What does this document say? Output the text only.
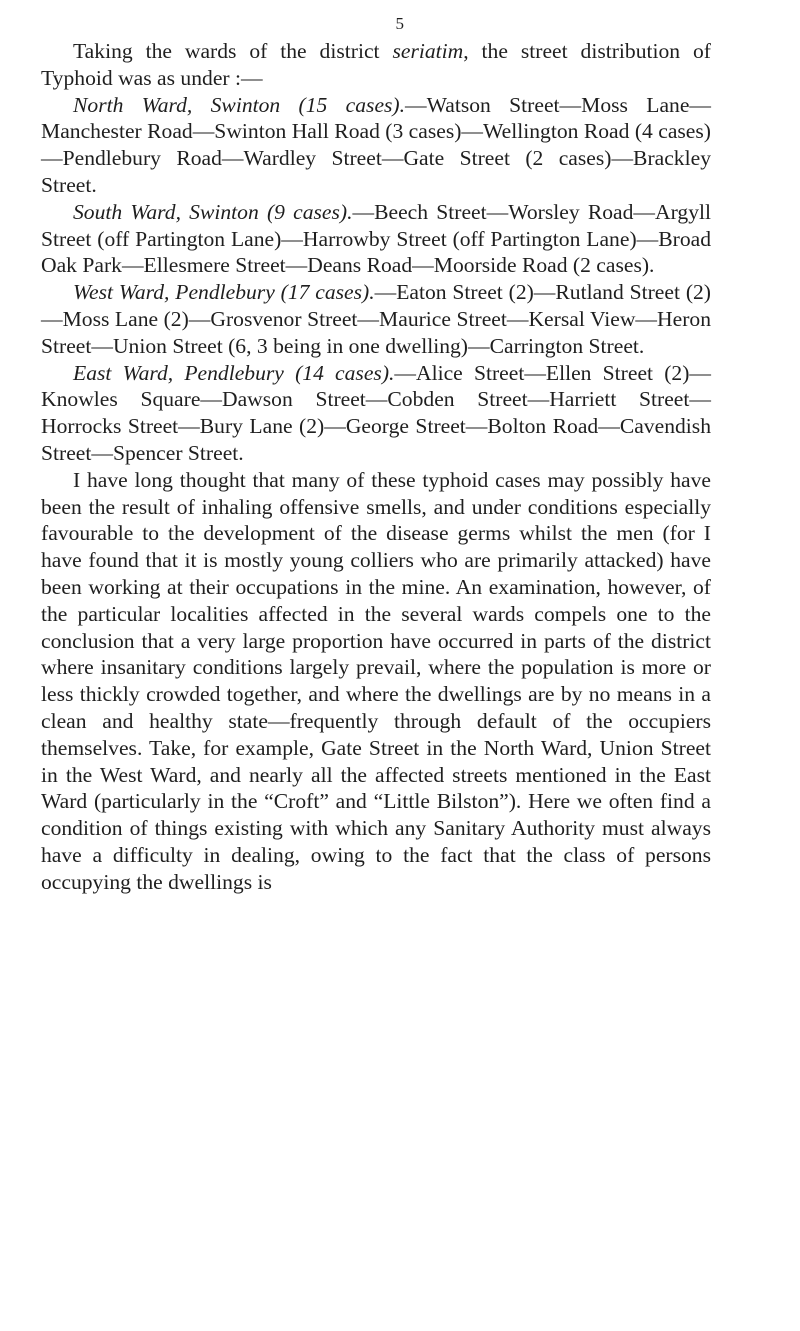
5

Taking the wards of the district seriatim, the street distribution of Typhoid was as under :—

North Ward, Swinton (15 cases).—Watson Street—Moss Lane—Manchester Road—Swinton Hall Road (3 cases)—Wellington Road (4 cases)—Pendlebury Road—Wardley Street—Gate Street (2 cases)—Brackley Street.

South Ward, Swinton (9 cases).—Beech Street—Worsley Road—Argyll Street (off Partington Lane)—Harrowby Street (off Partington Lane)—Broad Oak Park—Ellesmere Street—Deans Road—Moorside Road (2 cases).

West Ward, Pendlebury (17 cases).—Eaton Street (2)—Rutland Street (2)—Moss Lane (2)—Grosvenor Street—Maurice Street—Kersal View—Heron Street—Union Street (6, 3 being in one dwelling)—Carrington Street.

East Ward, Pendlebury (14 cases).—Alice Street—Ellen Street (2)—Knowles Square—Dawson Street—Cobden Street—Harriett Street—Horrocks Street—Bury Lane (2)—George Street—Bolton Road—Cavendish Street—Spencer Street.

I have long thought that many of these typhoid cases may possibly have been the result of inhaling offensive smells, and under conditions especially favourable to the development of the disease germs whilst the men (for I have found that it is mostly young colliers who are primarily attacked) have been working at their occupations in the mine. An examination, however, of the particular localities affected in the several wards compels one to the conclusion that a very large proportion have occurred in parts of the district where insanitary conditions largely prevail, where the population is more or less thickly crowded together, and where the dwellings are by no means in a clean and healthy state—frequently through default of the occupiers themselves. Take, for example, Gate Street in the North Ward, Union Street in the West Ward, and nearly all the affected streets mentioned in the East Ward (particularly in the “Croft” and “Little Bilston”). Here we often find a condition of things existing with which any Sanitary Authority must always have a difficulty in dealing, owing to the fact that the class of persons occupying the dwellings is
